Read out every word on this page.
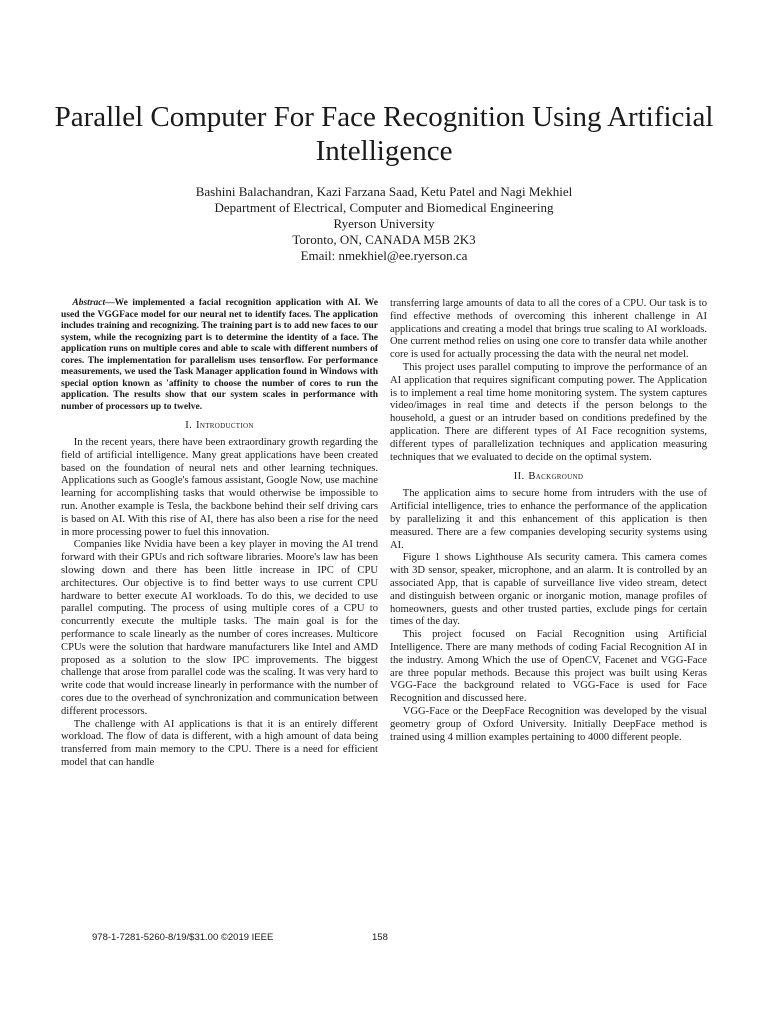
Parallel Computer For Face Recognition Using Artificial Intelligence
Bashini Balachandran, Kazi Farzana Saad, Ketu Patel and Nagi Mekhiel
Department of Electrical, Computer and Biomedical Engineering
Ryerson University
Toronto, ON, CANADA M5B 2K3
Email: nmekhiel@ee.ryerson.ca

Abstract—We implemented a facial recognition application with AI. We used the VGGFace model for our neural net to identify faces. The application includes training and recognizing. The training part is to add new faces to our system, while the recognizing part is to determine the identity of a face. The application runs on multiple cores and able to scale with different numbers of cores. The implementation for parallelism uses tensorflow. For performance measurements, we used the Task Manager application found in Windows with special option known as 'affinity to choose the number of cores to run the application. The results show that our system scales in performance with number of processors up to twelve.

I. Introduction

In the recent years, there have been extraordinary growth regarding the field of artificial intelligence. Many great applications have been created based on the foundation of neural nets and other learning techniques. Applications such as Google's famous assistant, Google Now, use machine learning for accomplishing tasks that would otherwise be impossible to run. Another example is Tesla, the backbone behind their self driving cars is based on AI. With this rise of AI, there has also been a rise for the need in more processing power to fuel this innovation.

Companies like Nvidia have been a key player in moving the AI trend forward with their GPUs and rich software libraries. Moore's law has been slowing down and there has been little increase in IPC of CPU architectures. Our objective is to find better ways to use current CPU hardware to better execute AI workloads. To do this, we decided to use parallel computing. The process of using multiple cores of a CPU to concurrently execute the multiple tasks. The main goal is for the performance to scale linearly as the number of cores increases. Multicore CPUs were the solution that hardware manufacturers like Intel and AMD proposed as a solution to the slow IPC improvements. The biggest challenge that arose from parallel code was the scaling. It was very hard to write code that would increase linearly in performance with the number of cores due to the overhead of synchronization and communication between different processors.

The challenge with AI applications is that it is an entirely different workload. The flow of data is different, with a high amount of data being transferred from main memory to the CPU. There is a need for efficient model that can handle

transferring large amounts of data to all the cores of a CPU. Our task is to find effective methods of overcoming this inherent challenge in AI applications and creating a model that brings true scaling to AI workloads. One current method relies on using one core to transfer data while another core is used for actually processing the data with the neural net model.

This project uses parallel computing to improve the performance of an AI application that requires significant computing power. The Application is to implement a real time home monitoring system. The system captures video/images in real time and detects if the person belongs to the household, a guest or an intruder based on conditions predefined by the application. There are different types of AI Face recognition systems, different types of parallelization techniques and application measuring techniques that we evaluated to decide on the optimal system.

II. Background

The application aims to secure home from intruders with the use of Artificial intelligence, tries to enhance the performance of the application by parallelizing it and this enhancement of this application is then measured. There are a few companies developing security systems using AI.

Figure 1 shows Lighthouse AIs security camera. This camera comes with 3D sensor, speaker, microphone, and an alarm. It is controlled by an associated App, that is capable of surveillance live video stream, detect and distinguish between organic or inorganic motion, manage profiles of homeowners, guests and other trusted parties, exclude pings for certain times of the day.

This project focused on Facial Recognition using Artificial Intelligence. There are many methods of coding Facial Recognition AI in the industry. Among Which the use of OpenCV, Facenet and VGG-Face are three popular methods. Because this project was built using Keras VGG-Face the background related to VGG-Face is used for Face Recognition and discussed here.

VGG-Face or the DeepFace Recognition was developed by the visual geometry group of Oxford University. Initially DeepFace method is trained using 4 million examples pertaining to 4000 different people.

978-1-7281-5260-8/19/$31.00 ©2019 IEEE	158
